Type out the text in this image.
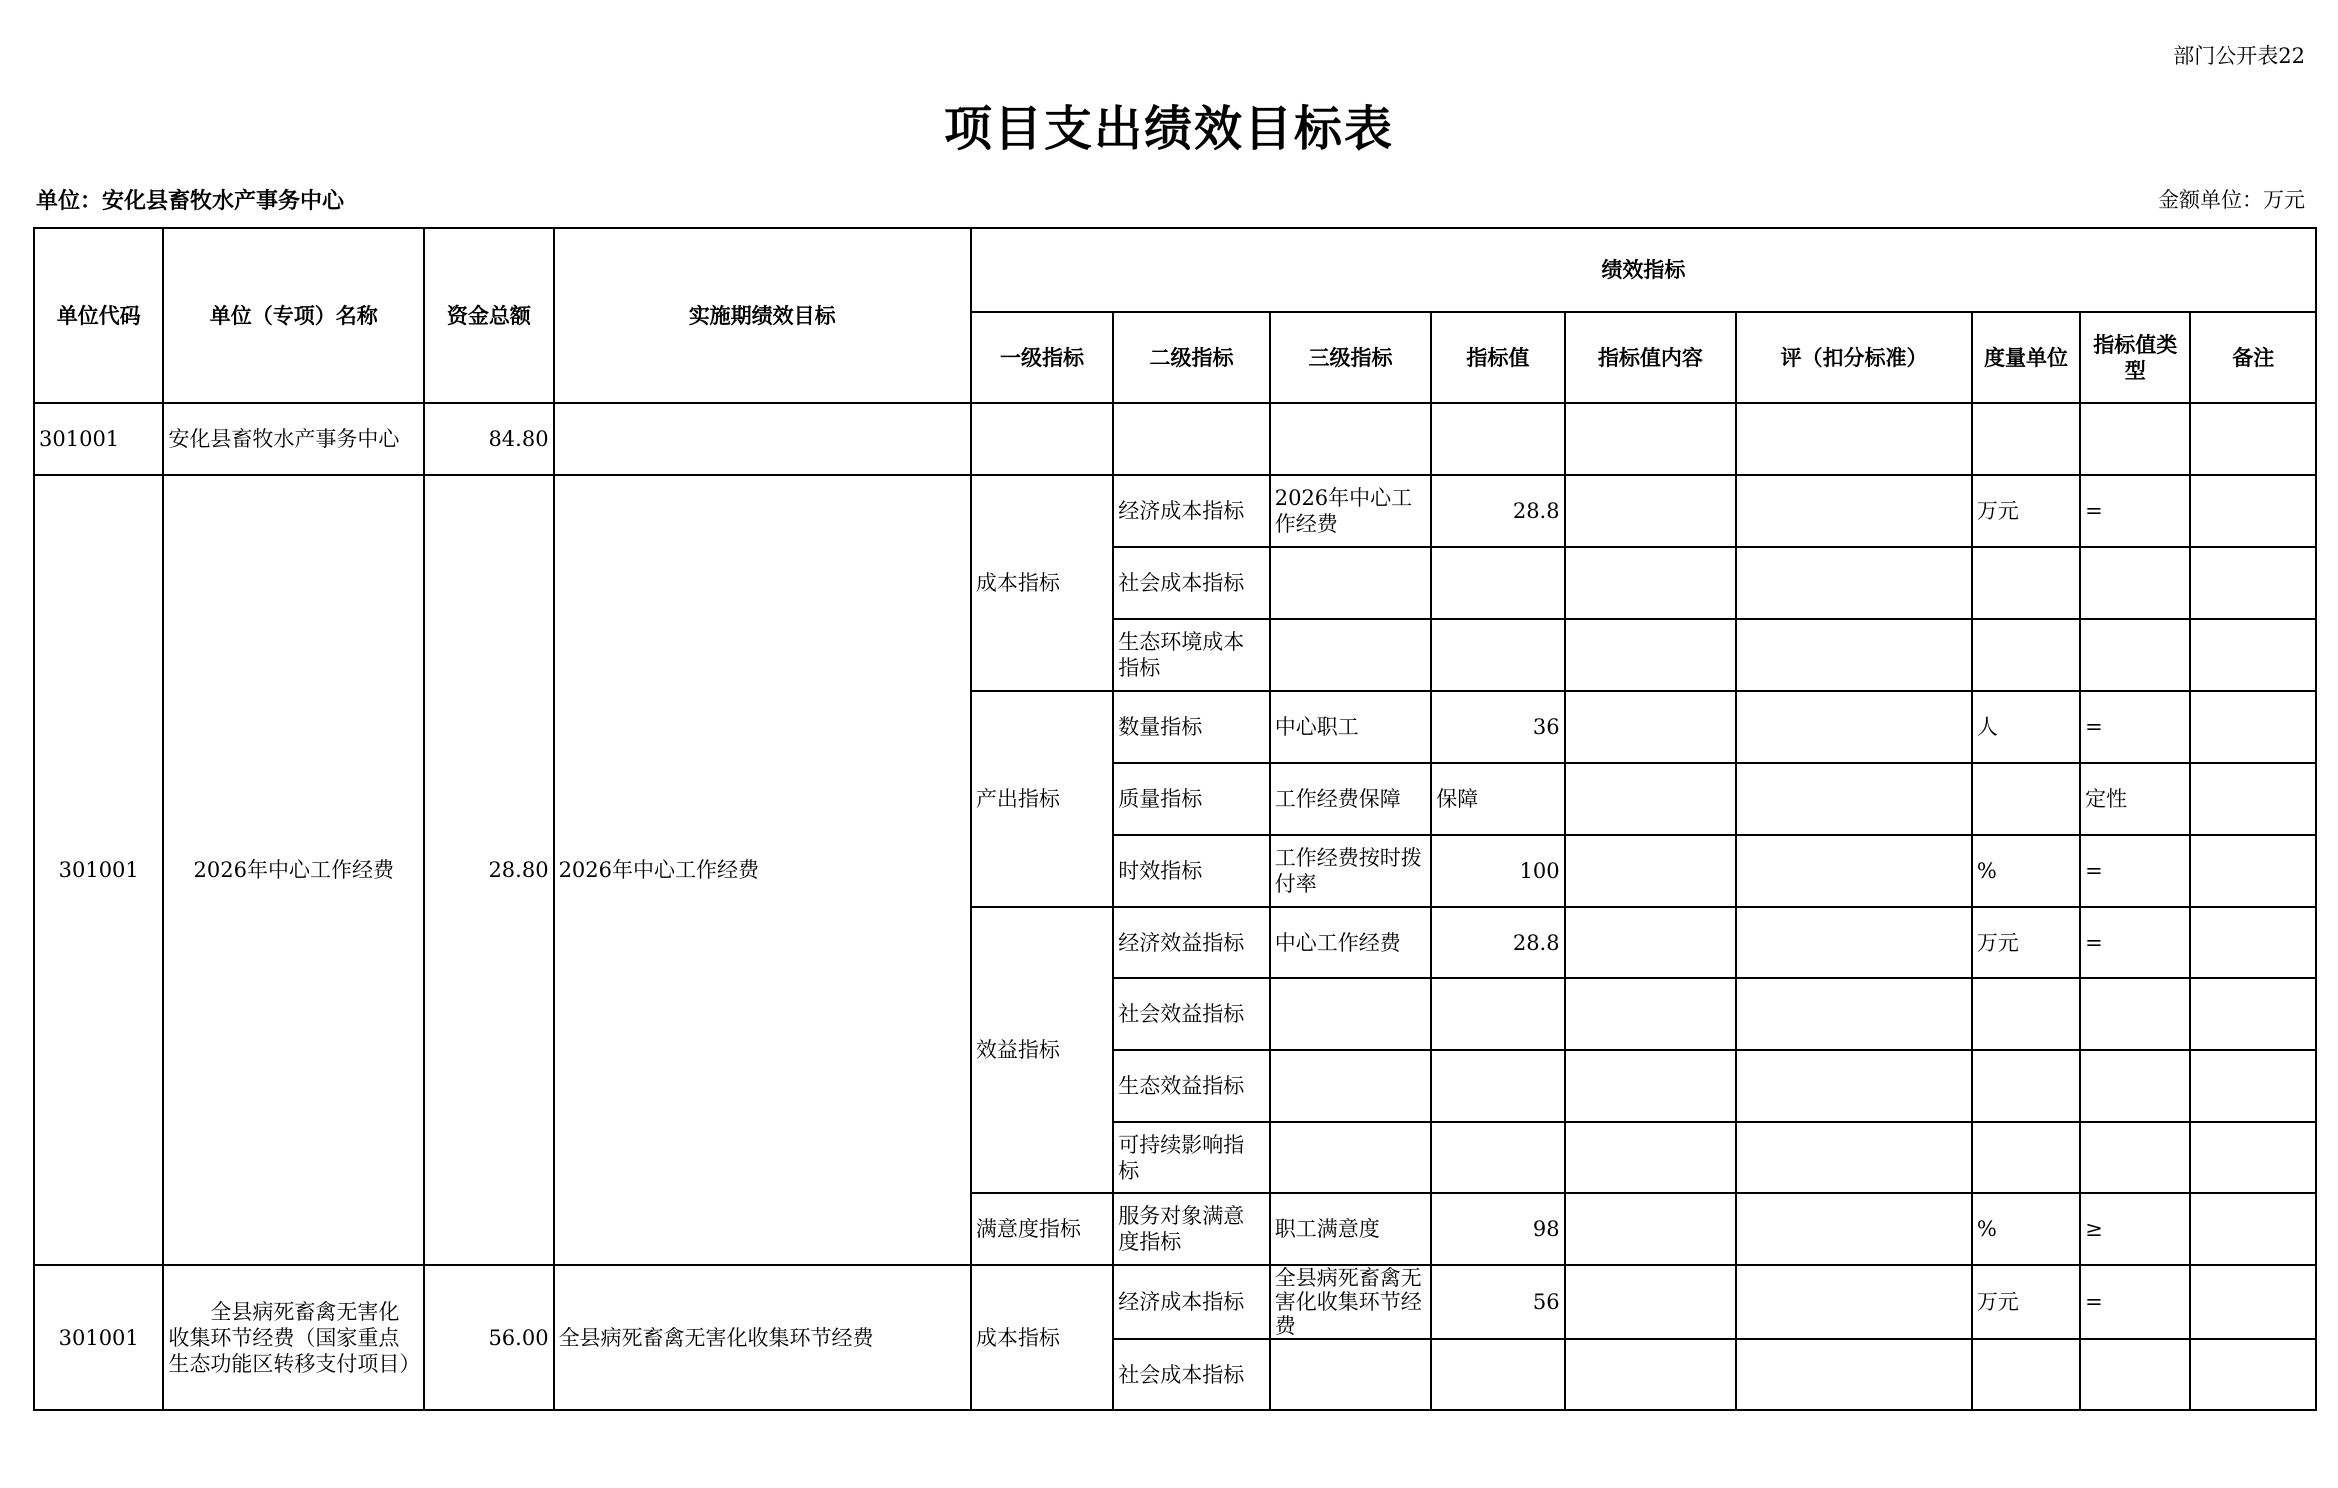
部门公开表22
项目支出绩效目标表
单位：安化县畜牧水产事务中心	金额单位：万元
单位代码	单位（专项）名称	资金总额	实施期绩效目标	绩效指标								
				一级指标	二级指标	三级指标	指标值	指标值内容	评（扣分标准）	度量单位	指标值类型	备注
301001	安化县畜牧水产事务中心	84.80										
301001	2026年中心工作经费	28.80	2026年中心工作经费	成本指标	经济成本指标	2026年中心工作经费	28.8			万元	=	
					社会成本指标							
					生态环境成本指标							
				产出指标	数量指标	中心职工	36			人	=	
					质量指标	工作经费保障	保障				定性	
					时效指标	工作经费按时拨付率	100			%	=	
				效益指标	经济效益指标	中心工作经费	28.8			万元	=	
					社会效益指标							
					生态效益指标							
					可持续影响指标							
				满意度指标	服务对象满意度指标	职工满意度	98			%	≥	
301001	全县病死畜禽无害化收集环节经费（国家重点生态功能区转移支付项目）	56.00	全县病死畜禽无害化收集环节经费	成本指标	经济成本指标	全县病死畜禽无害化收集环节经费	56			万元	=	
					社会成本指标							
